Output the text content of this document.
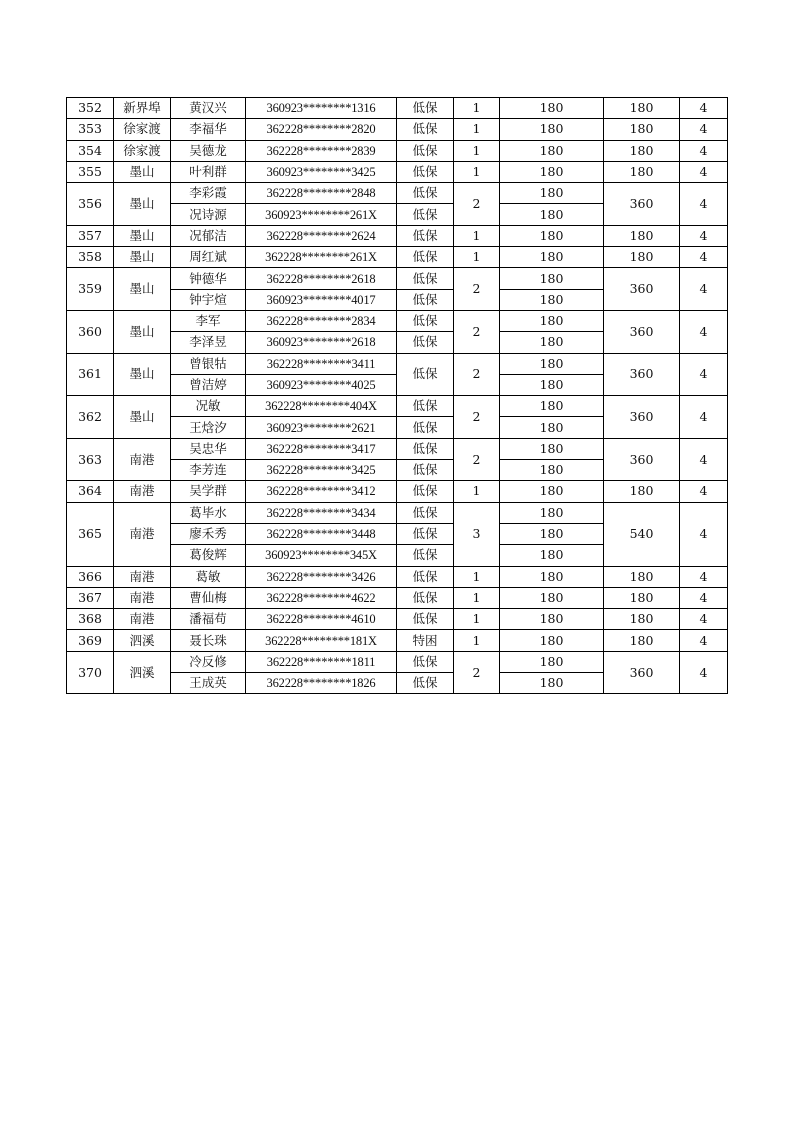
352	新界埠	黄汉兴	360923********1316	低保	1	180	180	4
353	徐家渡	李福华	362228********2820	低保	1	180	180	4
354	徐家渡	吴德龙	362228********2839	低保	1	180	180	4
355	墨山	叶利群	360923********3425	低保	1	180	180	4
356	墨山	李彩霞	362228********2848	低保	2	180	360	4
		况诗源	360923********261X	低保		180		
357	墨山	况郁洁	362228********2624	低保	1	180	180	4
358	墨山	周红斌	362228********261X	低保	1	180	180	4
359	墨山	钟德华	362228********2618	低保	2	180	360	4
		钟宇煊	360923********4017	低保		180		
360	墨山	李军	362228********2834	低保	2	180	360	4
		李泽昱	360923********2618	低保		180		
361	墨山	曾银牯	362228********3411	低保	2	180	360	4
		曾洁婷	360923********4025			180		
362	墨山	况敏	362228********404X	低保	2	180	360	4
		王焓汐	360923********2621	低保		180		
363	南港	吴忠华	362228********3417	低保	2	180	360	4
		李芳连	362228********3425	低保		180		
364	南港	吴学群	362228********3412	低保	1	180	180	4
365	南港	葛毕水	362228********3434	低保	3	180	540	4
		廖禾秀	362228********3448	低保		180		
		葛俊辉	360923********345X	低保		180		
366	南港	葛敏	362228********3426	低保	1	180	180	4
367	南港	曹仙梅	362228********4622	低保	1	180	180	4
368	南港	潘福苟	362228********4610	低保	1	180	180	4
369	泗溪	聂长珠	362228********181X	特困	1	180	180	4
370	泗溪	冷反修	362228********1811	低保	2	180	360	4
		王成英	362228********1826	低保		180		
